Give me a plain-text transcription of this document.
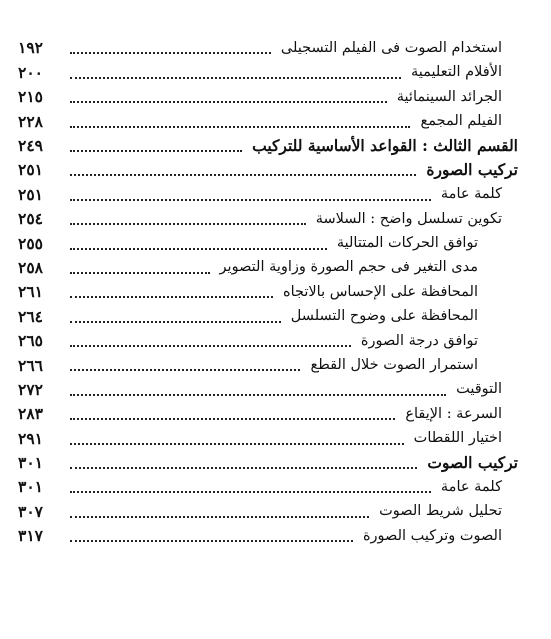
استخدام الصوت فى الفيلم التسجيلى
١٩٢
الأفلام التعليمية
٢٠٠
الجرائد السينمائية
٢١٥
الفيلم المجمع
٢٢٨
القسم الثالث : القواعد الأساسية للتركيب
٢٤٩
تركيب الصورة
٢٥١
كلمة عامة
٢٥١
تكوين تسلسل واضح : السلاسة
٢٥٤
توافق الحركات المتتالية
٢٥٥
مدى التغير فى حجم الصورة وزاوية التصوير
٢٥٨
المحافظة على الإحساس بالاتجاه
٢٦١
المحافظة على وضوح التسلسل
٢٦٤
توافق درجة الصورة
٢٦٥
استمرار الصوت خلال القطع
٢٦٦
التوقيت
٢٧٢
السرعة : الإيقاع
٢٨٣
اختيار اللقطات
٢٩١
تركيب الصوت
٣٠١
كلمة عامة
٣٠١
تحليل شريط الصوت
٣٠٧
الصوت وتركيب الصورة
٣١٧
